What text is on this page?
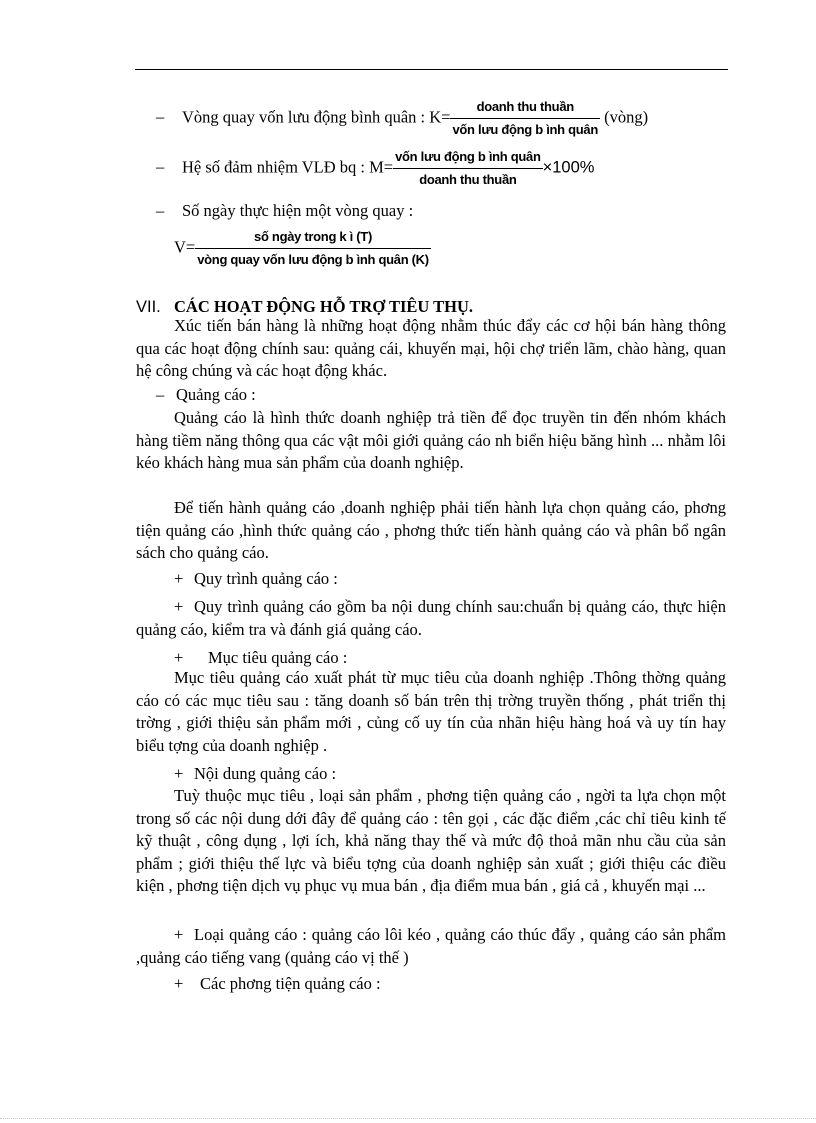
– Vòng quay vốn lưu động bình quân : $K= \frac{\text{doanh thu thuần}}{\text{vốn lưu động b ình quân}}$ (vòng)
– Hệ số đảm nhiệm VLĐ bq : $M= \frac{\text{vốn lưu động b ình quân}}{\text{doanh thu thuần}} \times 100\%$
– Số ngày thực hiện một vòng quay :
$V= \frac{\text{số ngày trong k ì (T)}}{\text{vòng quay vốn lưu động b ình quân (K)}}$
VII. CÁC HOẠT ĐỘNG HỖ TRỢ TIÊU THỤ.
Xúc tiến bán hàng là những hoạt động nhằm thúc đẩy các cơ hội bán hàng thông qua các hoạt động chính sau: quảng cái, khuyến mại, hội chợ triển lãm, chào hàng, quan hệ công chúng và các hoạt động khác.
– Quảng cáo :
Quảng cáo là hình thức doanh nghiệp trả tiền để đọc truyền tin đến nhóm khách hàng tiềm năng thông qua các vật môi giới quảng cáo nh biển hiệu băng hình ... nhằm lôi kéo khách hàng mua sản phẩm của doanh nghiệp.
Để tiến hành quảng cáo ,doanh nghiệp phải tiến hành lựa chọn quảng cáo, phơng tiện quảng cáo ,hình thức quảng cáo , phơng thức tiến hành quảng cáo và phân bổ ngân sách cho quảng cáo.
+ Quy trình quảng cáo :
+ Quy trình quảng cáo gồm ba nội dung chính sau:chuẩn bị quảng cáo, thực hiện quảng cáo, kiểm tra và đánh giá quảng cáo.
+ Mục tiêu quảng cáo :
Mục tiêu quảng cáo xuất phát từ mục tiêu của doanh nghiệp .Thông thờng quảng cáo có các mục tiêu sau : tăng doanh số bán trên thị trờng truyền thống , phát triển thị trờng , giới thiệu sản phẩm mới , củng cố uy tín của nhãn hiệu hàng hoá và uy tín hay biểu tợng của doanh nghiệp .
+ Nội dung quảng cáo :
Tuỳ thuộc mục tiêu , loại sản phẩm , phơng tiện quảng cáo , ngời ta lựa chọn một trong số các nội dung dới đây để quảng cáo : tên gọi , các đặc điểm ,các chỉ tiêu kinh tế kỹ thuật , công dụng , lợi ích, khả năng thay thế và mức độ thoả mãn nhu cầu của sản phẩm ; giới thiệu thế lực và biểu tợng của doanh nghiệp sản xuất ; giới thiệu các điều kiện , phơng tiện dịch vụ phục vụ mua bán , địa điểm mua bán , giá cả , khuyến mại ...
+ Loại quảng cáo : quảng cáo lôi kéo , quảng cáo thúc đẩy , quảng cáo sản phẩm ,quảng cáo tiếng vang (quảng cáo vị thế )
+ Các phơng tiện quảng cáo :
